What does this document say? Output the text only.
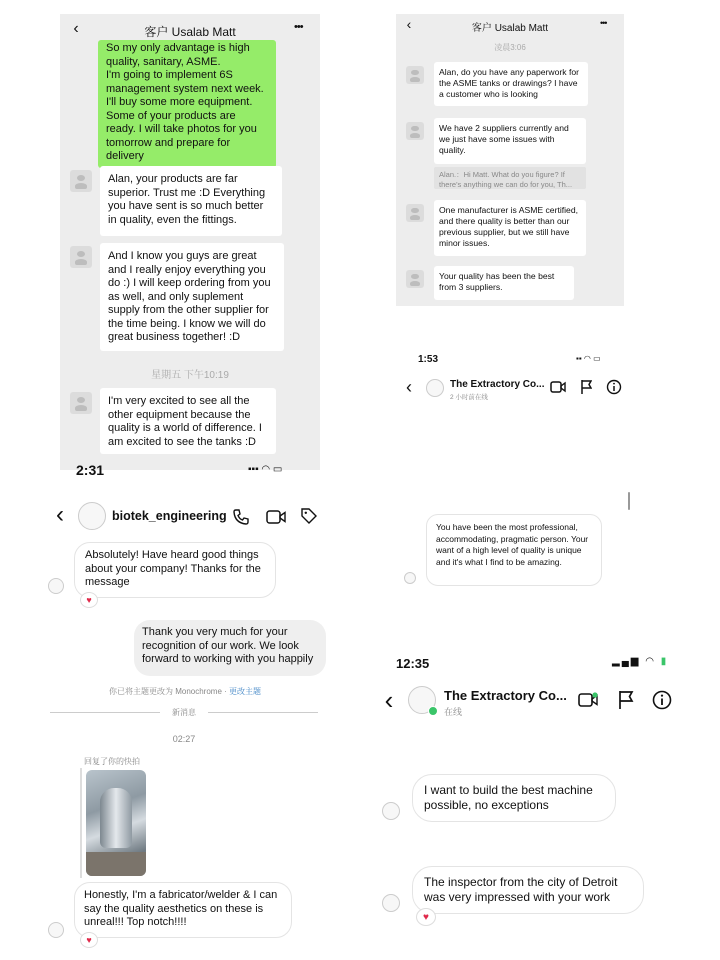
‹	客户 Usalab Matt	•••
So my only advantage is high quality, sanitary, ASME.
I'm going to implement 6S management system next week.
I'll buy some more equipment.
Some of your products are ready. I will take photos for you tomorrow and prepare for delivery
Alan, your products are far superior. Trust me :D Everything you have sent is so much better in quality, even the fittings.
And I know you guys are great and I really enjoy everything you do :) I will keep ordering from you as well, and only suplement supply from the other supplier for the time being. I know we will do great business together! :D
星期五 下午10:19
I'm very excited to see all the other equipment because the quality is a world of difference. I am excited to see the tanks :D
‹	客户 Usalab Matt	•••
凌晨3:06
Alan, do you have any paperwork for the ASME tanks or drawings? I have a customer who is looking
We have 2 suppliers currently and we just have some issues with quality.
Alan.：Hi Matt. What do you figure? If there's anything we can do for you, Th...
One manufacturer is ASME certified, and there quality is better than our previous supplier, but we still have minor issues.
Your quality has been the best from 3 suppliers.
1:53	▪▪ ◠ ▭
‹	The Extractory Co...
2 小时前在线
You have been the most professional, accommodating, pragmatic person. Your want of a high level of quality is unique and it's what I find to be amazing.
2:31	▪▪▪ ◠ ▭
‹	biotek_engineering
Absolutely! Have heard good things about your company! Thanks for the message
♥
Thank you very much for your recognition of our work. We look forward to working with you happily
你已将主题更改为 Monochrome · 更改主题
新消息
02:27
回复了你的快拍
Honestly, I'm a fabricator/welder & I can say the quality aesthetics on these is unreal!!! Top notch!!!!
♥
12:35	▂▄▆ ◠ ▮
‹	The Extractory Co...
在线
I want to build the best machine possible, no exceptions
The inspector from the city of Detroit was very impressed with your work
♥
